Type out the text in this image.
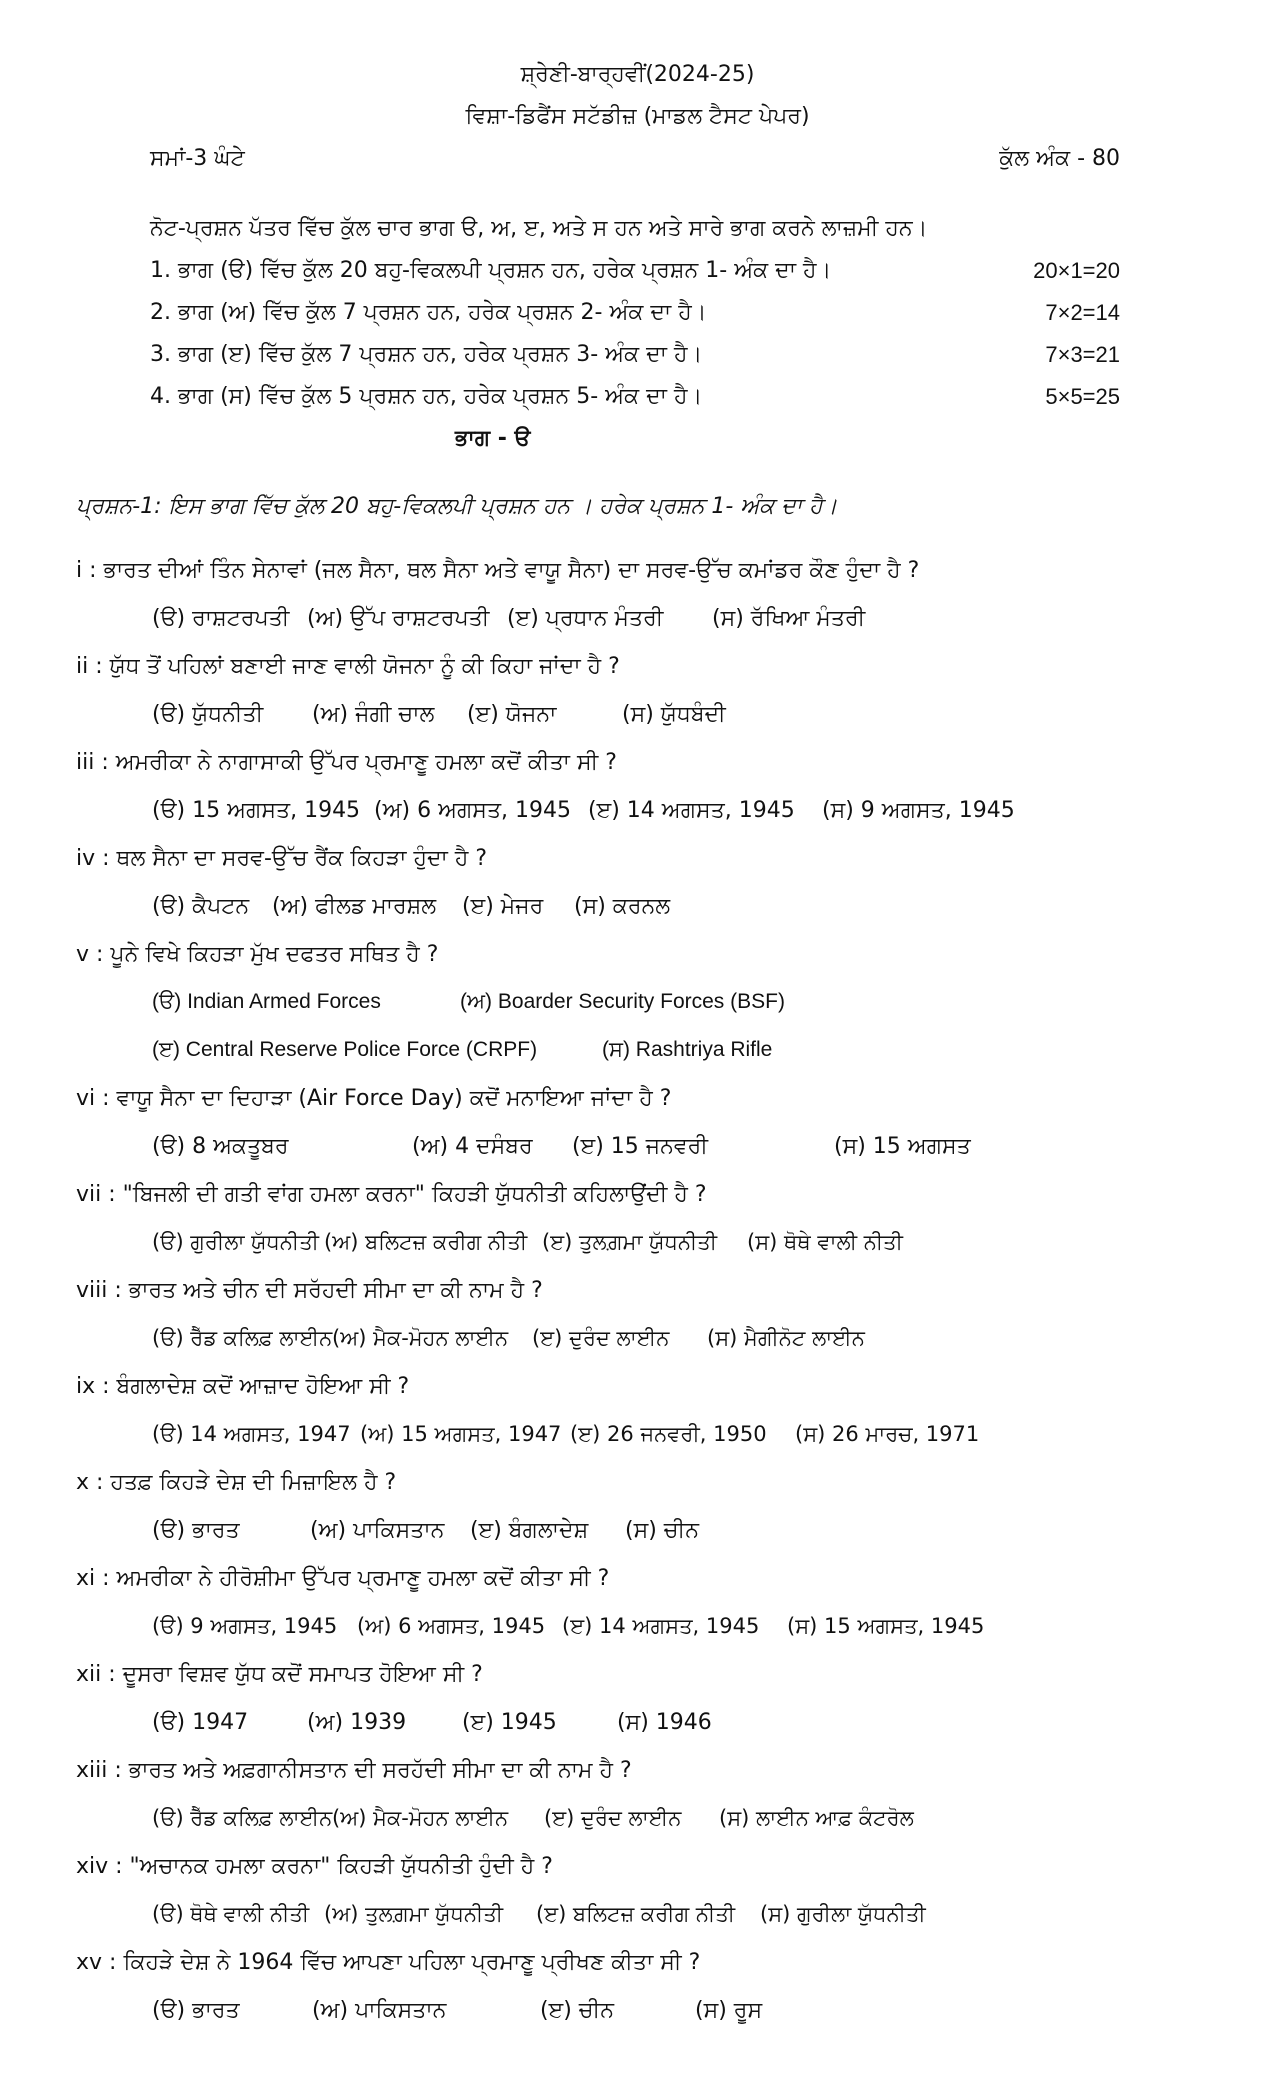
ਸ਼੍ਰੇਣੀ-ਬਾਰ੍ਹਵੀਂ(2024-25)
ਵਿਸ਼ਾ-ਡਿਫੈਂਸ ਸਟੱਡੀਜ਼ (ਮਾਡਲ ਟੈਸਟ ਪੇਪਰ)
ਸਮਾਂ-3 ਘੰਟੇ	ਕੁੱਲ ਅੰਕ - 80
ਨੋਟ-ਪ੍ਰਸ਼ਨ ਪੱਤਰ ਵਿੱਚ ਕੁੱਲ ਚਾਰ ਭਾਗ ੳ, ਅ, ੲ, ਅਤੇ ਸ ਹਨ ਅਤੇ ਸਾਰੇ ਭਾਗ ਕਰਨੇ ਲਾਜ਼ਮੀ ਹਨ।
1. ਭਾਗ (ੳ) ਵਿੱਚ ਕੁੱਲ 20 ਬਹੁ-ਵਿਕਲਪੀ ਪ੍ਰਸ਼ਨ ਹਨ, ਹਰੇਕ ਪ੍ਰਸ਼ਨ 1- ਅੰਕ ਦਾ ਹੈ।	20×1=20
2. ਭਾਗ (ਅ) ਵਿੱਚ ਕੁੱਲ 7 ਪ੍ਰਸ਼ਨ ਹਨ, ਹਰੇਕ ਪ੍ਰਸ਼ਨ 2- ਅੰਕ ਦਾ ਹੈ।	7×2=14
3. ਭਾਗ (ੲ) ਵਿੱਚ ਕੁੱਲ 7 ਪ੍ਰਸ਼ਨ ਹਨ, ਹਰੇਕ ਪ੍ਰਸ਼ਨ 3- ਅੰਕ ਦਾ ਹੈ।	7×3=21
4. ਭਾਗ (ਸ) ਵਿੱਚ ਕੁੱਲ 5 ਪ੍ਰਸ਼ਨ ਹਨ, ਹਰੇਕ ਪ੍ਰਸ਼ਨ 5- ਅੰਕ ਦਾ ਹੈ।	5×5=25
ਭਾਗ - ੳ
ਪ੍ਰਸ਼ਨ-1: ਇਸ ਭਾਗ ਵਿੱਚ ਕੁੱਲ 20 ਬਹੁ-ਵਿਕਲਪੀ ਪ੍ਰਸ਼ਨ ਹਨ । ਹਰੇਕ ਪ੍ਰਸ਼ਨ 1- ਅੰਕ ਦਾ ਹੈ।
i : ਭਾਰਤ ਦੀਆਂ ਤਿੰਨ ਸੇਨਾਵਾਂ (ਜਲ ਸੈਨਾ, ਥਲ ਸੈਨਾ ਅਤੇ ਵਾਯੂ ਸੈਨਾ) ਦਾ ਸਰਵ-ਉੱਚ ਕਮਾਂਡਰ ਕੌਣ ਹੁੰਦਾ ਹੈ ?
(ੳ) ਰਾਸ਼ਟਰਪਤੀ (ਅ) ਉੱਪ ਰਾਸ਼ਟਰਪਤੀ (ੲ) ਪ੍ਰਧਾਨ ਮੰਤਰੀ (ਸ) ਰੱਖਿਆ ਮੰਤਰੀ
ii : ਯੁੱਧ ਤੋਂ ਪਹਿਲਾਂ ਬਣਾਈ ਜਾਣ ਵਾਲੀ ਯੋਜਨਾ ਨੂੰ ਕੀ ਕਿਹਾ ਜਾਂਦਾ ਹੈ ?
(ੳ) ਯੁੱਧਨੀਤੀ (ਅ) ਜੰਗੀ ਚਾਲ (ੲ) ਯੋਜਨਾ	(ਸ) ਯੁੱਧਬੰਦੀ
iii : ਅਮਰੀਕਾ ਨੇ ਨਾਗਾਸਾਕੀ ਉੱਪਰ ਪ੍ਰਮਾਣੂ ਹਮਲਾ ਕਦੋਂ ਕੀਤਾ ਸੀ ?
(ੳ) 15 ਅਗਸਤ, 1945 (ਅ) 6 ਅਗਸਤ, 1945 (ੲ) 14 ਅਗਸਤ, 1945 (ਸ) 9 ਅਗਸਤ, 1945
iv : ਥਲ ਸੈਨਾ ਦਾ ਸਰਵ-ਉੱਚ ਰੈਂਕ ਕਿਹੜਾ ਹੁੰਦਾ ਹੈ ?
(ੳ) ਕੈਪਟਨ (ਅ) ਫੀਲਡ ਮਾਰਸ਼ਲ (ੲ) ਮੇਜਰ (ਸ) ਕਰਨਲ
v : ਪੂਨੇ ਵਿਖੇ ਕਿਹੜਾ ਮੁੱਖ ਦਫਤਰ ਸਥਿਤ ਹੈ ?
(ੳ) Indian Armed Forces	(ਅ) Boarder Security Forces (BSF)
(ੲ) Central Reserve Police Force (CRPF)	(ਸ) Rashtriya Rifle
vi : ਵਾਯੂ ਸੈਨਾ ਦਾ ਦਿਹਾੜਾ (Air Force Day) ਕਦੋਂ ਮਨਾਇਆ ਜਾਂਦਾ ਹੈ ?
(ੳ) 8 ਅਕਤੂਬਰ	(ਅ) 4 ਦਸੰਬਰ (ੲ) 15 ਜਨਵਰੀ	(ਸ) 15 ਅਗਸਤ
vii : "ਬਿਜਲੀ ਦੀ ਗਤੀ ਵਾਂਗ ਹਮਲਾ ਕਰਨਾ" ਕਿਹੜੀ ਯੁੱਧਨੀਤੀ ਕਹਿਲਾਉਂਦੀ ਹੈ ?
(ੳ) ਗੁਰੀਲਾ ਯੁੱਧਨੀਤੀ (ਅ) ਬਲਿਟਜ਼ ਕਰੀਗ ਨੀਤੀ (ੲ) ਤੁਲਗ਼ਮਾ ਯੁੱਧਨੀਤੀ (ਸ) ਥੋਥੇ ਵਾਲੀ ਨੀਤੀ
viii : ਭਾਰਤ ਅਤੇ ਚੀਨ ਦੀ ਸਰੱਹਦੀ ਸੀਮਾ ਦਾ ਕੀ ਨਾਮ ਹੈ ?
(ੳ) ਰੈੱਡ ਕਲਿਫ਼ ਲਾਈਨ(ਅ) ਮੈਕ-ਮੋਹਨ ਲਾਈਨ (ੲ) ਦੁਰੰਦ ਲਾਈਨ (ਸ) ਮੈਗੀਨੋਟ ਲਾਈਨ
ix : ਬੰਗਲਾਦੇਸ਼ ਕਦੋਂ ਆਜ਼ਾਦ ਹੋਇਆ ਸੀ ?
(ੳ) 14 ਅਗਸਤ, 1947 (ਅ) 15 ਅਗਸਤ, 1947 (ੲ) 26 ਜਨਵਰੀ, 1950 (ਸ) 26 ਮਾਰਚ, 1971
x : ਹਤਫ਼ ਕਿਹੜੇ ਦੇਸ਼ ਦੀ ਮਿਜ਼ਾਇਲ ਹੈ ?
(ੳ) ਭਾਰਤ	(ਅ) ਪਾਕਿਸਤਾਨ (ੲ) ਬੰਗਲਾਦੇਸ਼ (ਸ) ਚੀਨ
xi : ਅਮਰੀਕਾ ਨੇ ਹੀਰੋਸ਼ੀਮਾ ਉੱਪਰ ਪ੍ਰਮਾਣੂ ਹਮਲਾ ਕਦੋਂ ਕੀਤਾ ਸੀ ?
(ੳ) 9 ਅਗਸਤ, 1945 (ਅ) 6 ਅਗਸਤ, 1945 (ੲ) 14 ਅਗਸਤ, 1945 (ਸ) 15 ਅਗਸਤ, 1945
xii : ਦੂਸਰਾ ਵਿਸ਼ਵ ਯੁੱਧ ਕਦੋਂ ਸਮਾਪਤ ਹੋਇਆ ਸੀ ?
(ੳ) 1947	(ਅ) 1939	(ੲ) 1945	(ਸ) 1946
xiii : ਭਾਰਤ ਅਤੇ ਅਫ਼ਗਾਨੀਸਤਾਨ ਦੀ ਸਰਹੱਦੀ ਸੀਮਾ ਦਾ ਕੀ ਨਾਮ ਹੈ ?
(ੳ) ਰੈੱਡ ਕਲਿਫ਼ ਲਾਈਨ(ਅ) ਮੈਕ-ਮੋਹਨ ਲਾਈਨ (ੲ) ਦੁਰੰਦ ਲਾਈਨ (ਸ) ਲਾਈਨ ਆਫ਼ ਕੰਟਰੋਲ
xiv : "ਅਚਾਨਕ ਹਮਲਾ ਕਰਨਾ" ਕਿਹੜੀ ਯੁੱਧਨੀਤੀ ਹੁੰਦੀ ਹੈ ?
(ੳ) ਥੋਥੇ ਵਾਲੀ ਨੀਤੀ (ਅ) ਤੁਲਗ਼ਮਾ ਯੁੱਧਨੀਤੀ (ੲ) ਬਲਿਟਜ਼ ਕਰੀਗ ਨੀਤੀ (ਸ) ਗੁਰੀਲਾ ਯੁੱਧਨੀਤੀ
xv : ਕਿਹੜੇ ਦੇਸ਼ ਨੇ 1964 ਵਿੱਚ ਆਪਣਾ ਪਹਿਲਾ ਪ੍ਰਮਾਣੂ ਪ੍ਰੀਖਣ ਕੀਤਾ ਸੀ ?
(ੳ) ਭਾਰਤ	(ਅ) ਪਾਕਿਸਤਾਨ	(ੲ) ਚੀਨ	(ਸ) ਰੂਸ
